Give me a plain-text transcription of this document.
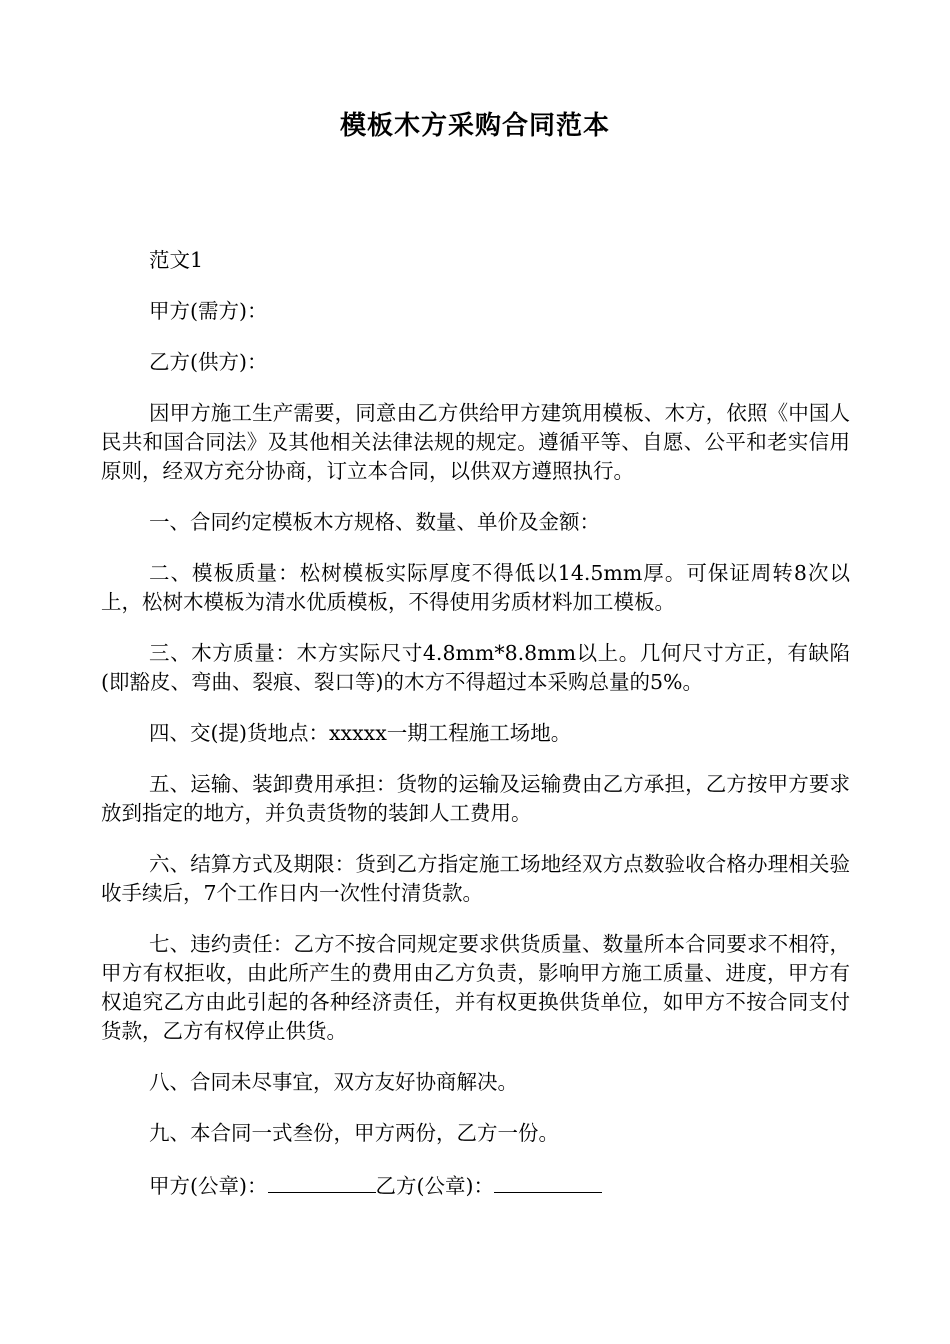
模板木方采购合同范本

范文1

甲方(需方)：

乙方(供方)：

因甲方施工生产需要，同意由乙方供给甲方建筑用模板、木方，依照《中国人民共和国合同法》及其他相关法律法规的规定。遵循平等、自愿、公平和老实信用原则，经双方充分协商，订立本合同，以供双方遵照执行。

一、合同约定模板木方规格、数量、单价及金额：

二、模板质量：松树模板实际厚度不得低以14.5mm厚。可保证周转8次以上，松树木模板为清水优质模板，不得使用劣质材料加工模板。

三、木方质量：木方实际尺寸4.8mm*8.8mm以上。几何尺寸方正，有缺陷(即豁皮、弯曲、裂痕、裂口等)的木方不得超过本采购总量的5%。

四、交(提)货地点：xxxxx一期工程施工场地。

五、运输、装卸费用承担：货物的运输及运输费由乙方承担，乙方按甲方要求放到指定的地方，并负责货物的装卸人工费用。

六、结算方式及期限：货到乙方指定施工场地经双方点数验收合格办理相关验收手续后，7个工作日内一次性付清货款。

七、违约责任：乙方不按合同规定要求供货质量、数量所本合同要求不相符，甲方有权拒收，由此所产生的费用由乙方负责，影响甲方施工质量、进度，甲方有权追究乙方由此引起的各种经济责任，并有权更换供货单位，如甲方不按合同支付货款，乙方有权停止供货。

八、合同未尽事宜，双方友好协商解决。

九、本合同一式叁份，甲方两份，乙方一份。

甲方(公章)：	乙方(公章)：
